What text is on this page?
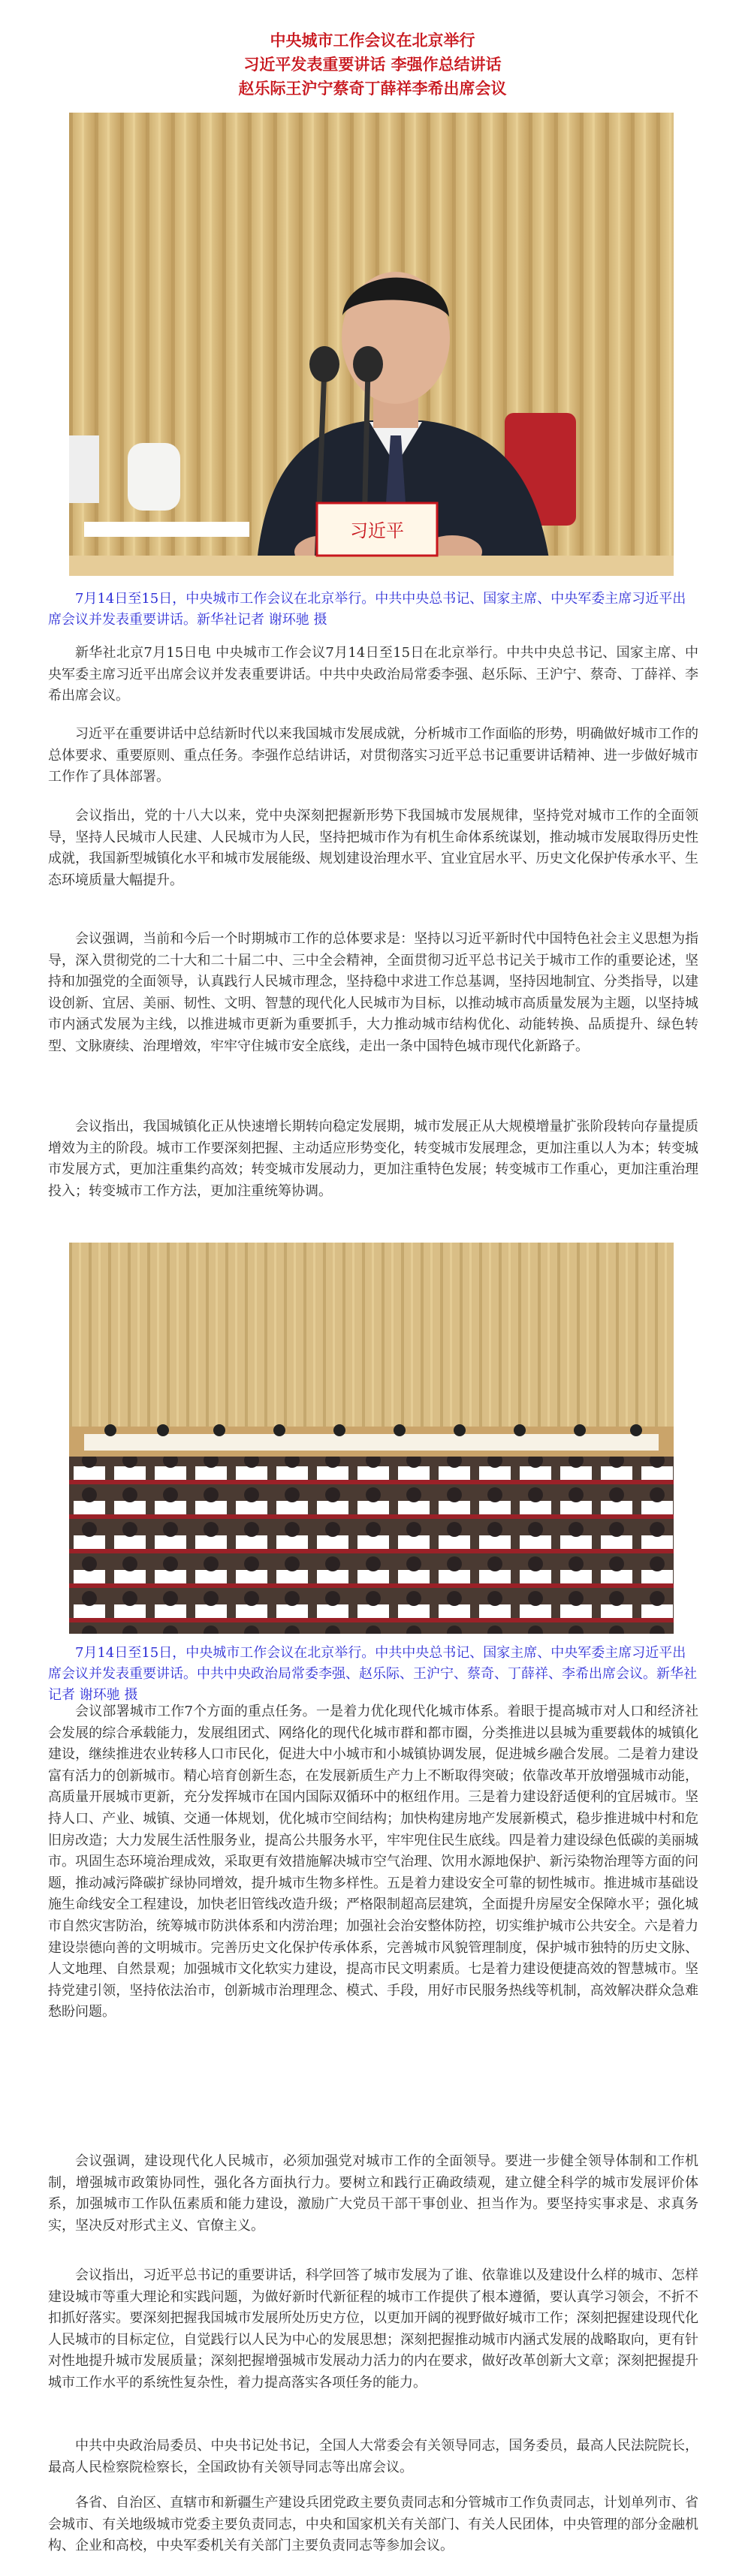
中央城市工作会议在北京举行
习近平发表重要讲话 李强作总结讲话
赵乐际王沪宁蔡奇丁薛祥李希出席会议
习近平

7月14日至15日，中央城市工作会议在北京举行。中共中央总书记、国家主席、中央军委主席习近平出席会议并发表重要讲话。新华社记者 谢环驰 摄

新华社北京7月15日电 中央城市工作会议7月14日至15日在北京举行。中共中央总书记、国家主席、中央军委主席习近平出席会议并发表重要讲话。中共中央政治局常委李强、赵乐际、王沪宁、蔡奇、丁薛祥、李希出席会议。

习近平在重要讲话中总结新时代以来我国城市发展成就，分析城市工作面临的形势，明确做好城市工作的总体要求、重要原则、重点任务。李强作总结讲话，对贯彻落实习近平总书记重要讲话精神、进一步做好城市工作作了具体部署。

会议指出，党的十八大以来，党中央深刻把握新形势下我国城市发展规律，坚持党对城市工作的全面领导，坚持人民城市人民建、人民城市为人民，坚持把城市作为有机生命体系统谋划，推动城市发展取得历史性成就，我国新型城镇化水平和城市发展能级、规划建设治理水平、宜业宜居水平、历史文化保护传承水平、生态环境质量大幅提升。

会议强调，当前和今后一个时期城市工作的总体要求是：坚持以习近平新时代中国特色社会主义思想为指导，深入贯彻党的二十大和二十届二中、三中全会精神，全面贯彻习近平总书记关于城市工作的重要论述，坚持和加强党的全面领导，认真践行人民城市理念，坚持稳中求进工作总基调，坚持因地制宜、分类指导，以建设创新、宜居、美丽、韧性、文明、智慧的现代化人民城市为目标，以推动城市高质量发展为主题，以坚持城市内涵式发展为主线，以推进城市更新为重要抓手，大力推动城市结构优化、动能转换、品质提升、绿色转型、文脉赓续、治理增效，牢牢守住城市安全底线，走出一条中国特色城市现代化新路子。

会议指出，我国城镇化正从快速增长期转向稳定发展期，城市发展正从大规模增量扩张阶段转向存量提质增效为主的阶段。城市工作要深刻把握、主动适应形势变化，转变城市发展理念，更加注重以人为本；转变城市发展方式，更加注重集约高效；转变城市发展动力，更加注重特色发展；转变城市工作重心，更加注重治理投入；转变城市工作方法，更加注重统筹协调。

7月14日至15日，中央城市工作会议在北京举行。中共中央总书记、国家主席、中央军委主席习近平出席会议并发表重要讲话。中共中央政治局常委李强、赵乐际、王沪宁、蔡奇、丁薛祥、李希出席会议。新华社记者 谢环驰 摄

会议部署城市工作7个方面的重点任务。一是着力优化现代化城市体系。着眼于提高城市对人口和经济社会发展的综合承载能力，发展组团式、网络化的现代化城市群和都市圈，分类推进以县城为重要载体的城镇化建设，继续推进农业转移人口市民化，促进大中小城市和小城镇协调发展，促进城乡融合发展。二是着力建设富有活力的创新城市。精心培育创新生态，在发展新质生产力上不断取得突破；依靠改革开放增强城市动能，高质量开展城市更新，充分发挥城市在国内国际双循环中的枢纽作用。三是着力建设舒适便利的宜居城市。坚持人口、产业、城镇、交通一体规划，优化城市空间结构；加快构建房地产发展新模式，稳步推进城中村和危旧房改造；大力发展生活性服务业，提高公共服务水平，牢牢兜住民生底线。四是着力建设绿色低碳的美丽城市。巩固生态环境治理成效，采取更有效措施解决城市空气治理、饮用水源地保护、新污染物治理等方面的问题，推动减污降碳扩绿协同增效，提升城市生物多样性。五是着力建设安全可靠的韧性城市。推进城市基础设施生命线安全工程建设，加快老旧管线改造升级；严格限制超高层建筑，全面提升房屋安全保障水平；强化城市自然灾害防治，统筹城市防洪体系和内涝治理；加强社会治安整体防控，切实维护城市公共安全。六是着力建设崇德向善的文明城市。完善历史文化保护传承体系，完善城市风貌管理制度，保护城市独特的历史文脉、人文地理、自然景观；加强城市文化软实力建设，提高市民文明素质。七是着力建设便捷高效的智慧城市。坚持党建引领，坚持依法治市，创新城市治理理念、模式、手段，用好市民服务热线等机制，高效解决群众急难愁盼问题。

会议强调，建设现代化人民城市，必须加强党对城市工作的全面领导。要进一步健全领导体制和工作机制，增强城市政策协同性，强化各方面执行力。要树立和践行正确政绩观，建立健全科学的城市发展评价体系，加强城市工作队伍素质和能力建设，激励广大党员干部干事创业、担当作为。要坚持实事求是、求真务实，坚决反对形式主义、官僚主义。

会议指出，习近平总书记的重要讲话，科学回答了城市发展为了谁、依靠谁以及建设什么样的城市、怎样建设城市等重大理论和实践问题，为做好新时代新征程的城市工作提供了根本遵循，要认真学习领会，不折不扣抓好落实。要深刻把握我国城市发展所处历史方位，以更加开阔的视野做好城市工作；深刻把握建设现代化人民城市的目标定位，自觉践行以人民为中心的发展思想；深刻把握推动城市内涵式发展的战略取向，更有针对性地提升城市发展质量；深刻把握增强城市发展动力活力的内在要求，做好改革创新大文章；深刻把握提升城市工作水平的系统性复杂性，着力提高落实各项任务的能力。

中共中央政治局委员、中央书记处书记，全国人大常委会有关领导同志，国务委员，最高人民法院院长，最高人民检察院检察长，全国政协有关领导同志等出席会议。

各省、自治区、直辖市和新疆生产建设兵团党政主要负责同志和分管城市工作负责同志，计划单列市、省会城市、有关地级城市党委主要负责同志，中央和国家机关有关部门、有关人民团体，中央管理的部分金融机构、企业和高校，中央军委机关有关部门主要负责同志等参加会议。
